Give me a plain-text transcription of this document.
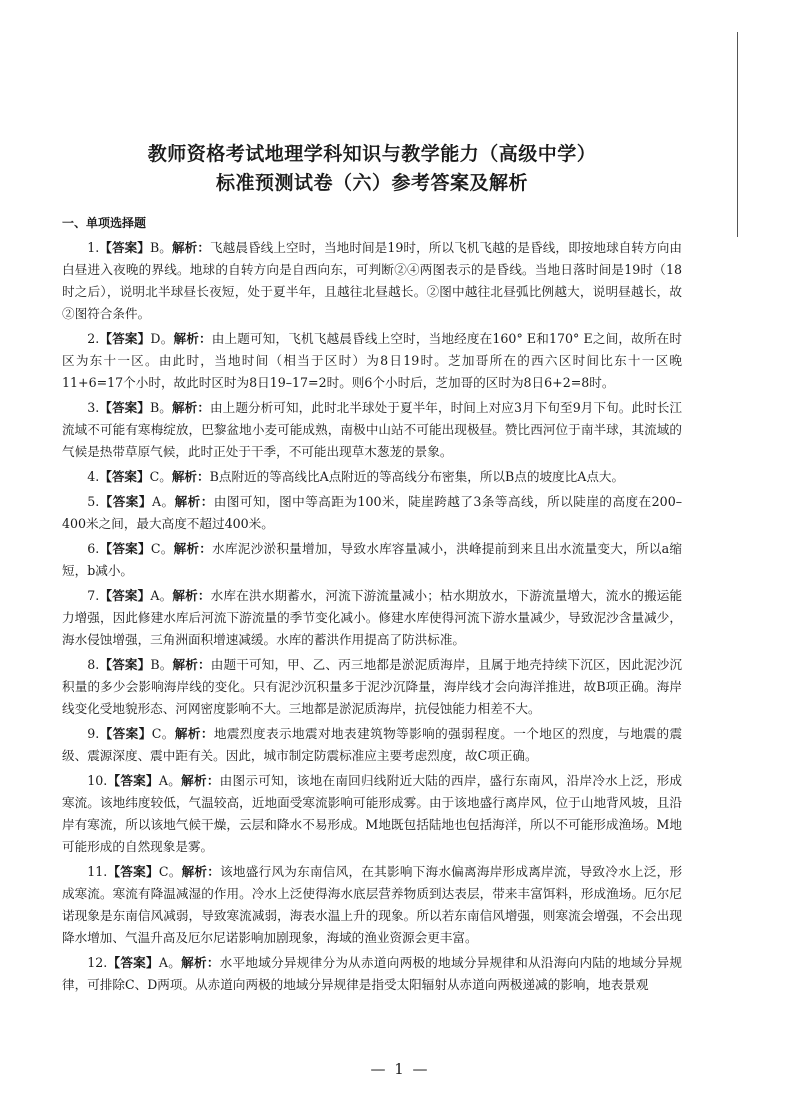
教师资格考试地理学科知识与教学能力（高级中学）
标准预测试卷（六）参考答案及解析
一、单项选择题
1.【答案】B。解析：飞越晨昏线上空时，当地时间是19时，所以飞机飞越的是昏线，即按地球自转方向由白昼进入夜晚的界线。地球的自转方向是自西向东，可判断②④两图表示的是昏线。当地日落时间是19时（18时之后），说明北半球昼长夜短，处于夏半年，且越往北昼越长。②图中越往北昼弧比例越大，说明昼越长，故②图符合条件。
2.【答案】D。解析：由上题可知，飞机飞越晨昏线上空时，当地经度在160° E和170° E之间，故所在时区为东十一区。由此时，当地时间（相当于区时）为8日19时。芝加哥所在的西六区时间比东十一区晚11+6=17个小时，故此时区时为8日19–17=2时。则6个小时后，芝加哥的区时为8日6+2=8时。
3.【答案】B。解析：由上题分析可知，此时北半球处于夏半年，时间上对应3月下旬至9月下旬。此时长江流域不可能有寒梅绽放，巴黎盆地小麦可能成熟，南极中山站不可能出现极昼。赞比西河位于南半球，其流域的气候是热带草原气候，此时正处于干季，不可能出现草木葱茏的景象。
4.【答案】C。解析：B点附近的等高线比A点附近的等高线分布密集，所以B点的坡度比A点大。
5.【答案】A。解析：由图可知，图中等高距为100米，陡崖跨越了3条等高线，所以陡崖的高度在200–400米之间，最大高度不超过400米。
6.【答案】C。解析：水库泥沙淤积量增加，导致水库容量减小，洪峰提前到来且出水流量变大，所以a缩短，b减小。
7.【答案】A。解析：水库在洪水期蓄水，河流下游流量减小；枯水期放水，下游流量增大，流水的搬运能力增强，因此修建水库后河流下游流量的季节变化减小。修建水库使得河流下游水量减少，导致泥沙含量减少，海水侵蚀增强，三角洲面积增速减缓。水库的蓄洪作用提高了防洪标准。
8.【答案】B。解析：由题干可知，甲、乙、丙三地都是淤泥质海岸，且属于地壳持续下沉区，因此泥沙沉积量的多少会影响海岸线的变化。只有泥沙沉积量多于泥沙沉降量，海岸线才会向海洋推进，故B项正确。海岸线变化受地貌形态、河网密度影响不大。三地都是淤泥质海岸，抗侵蚀能力相差不大。
9.【答案】C。解析：地震烈度表示地震对地表建筑物等影响的强弱程度。一个地区的烈度，与地震的震级、震源深度、震中距有关。因此，城市制定防震标准应主要考虑烈度，故C项正确。
10.【答案】A。解析：由图示可知，该地在南回归线附近大陆的西岸，盛行东南风，沿岸冷水上泛，形成寒流。该地纬度较低，气温较高，近地面受寒流影响可能形成雾。由于该地盛行离岸风，位于山地背风坡，且沿岸有寒流，所以该地气候干燥，云层和降水不易形成。M地既包括陆地也包括海洋，所以不可能形成渔场。M地可能形成的自然现象是雾。
11.【答案】C。解析：该地盛行风为东南信风，在其影响下海水偏离海岸形成离岸流，导致冷水上泛，形成寒流。寒流有降温减湿的作用。冷水上泛使得海水底层营养物质到达表层，带来丰富饵料，形成渔场。厄尔尼诺现象是东南信风减弱，导致寒流减弱，海表水温上升的现象。所以若东南信风增强，则寒流会增强，不会出现降水增加、气温升高及厄尔尼诺影响加剧现象，海域的渔业资源会更丰富。
12.【答案】A。解析：水平地域分异规律分为从赤道向两极的地域分异规律和从沿海向内陆的地域分异规律，可排除C、D两项。从赤道向两极的地域分异规律是指受太阳辐射从赤道向两极递减的影响，地表景观
— 1 —
